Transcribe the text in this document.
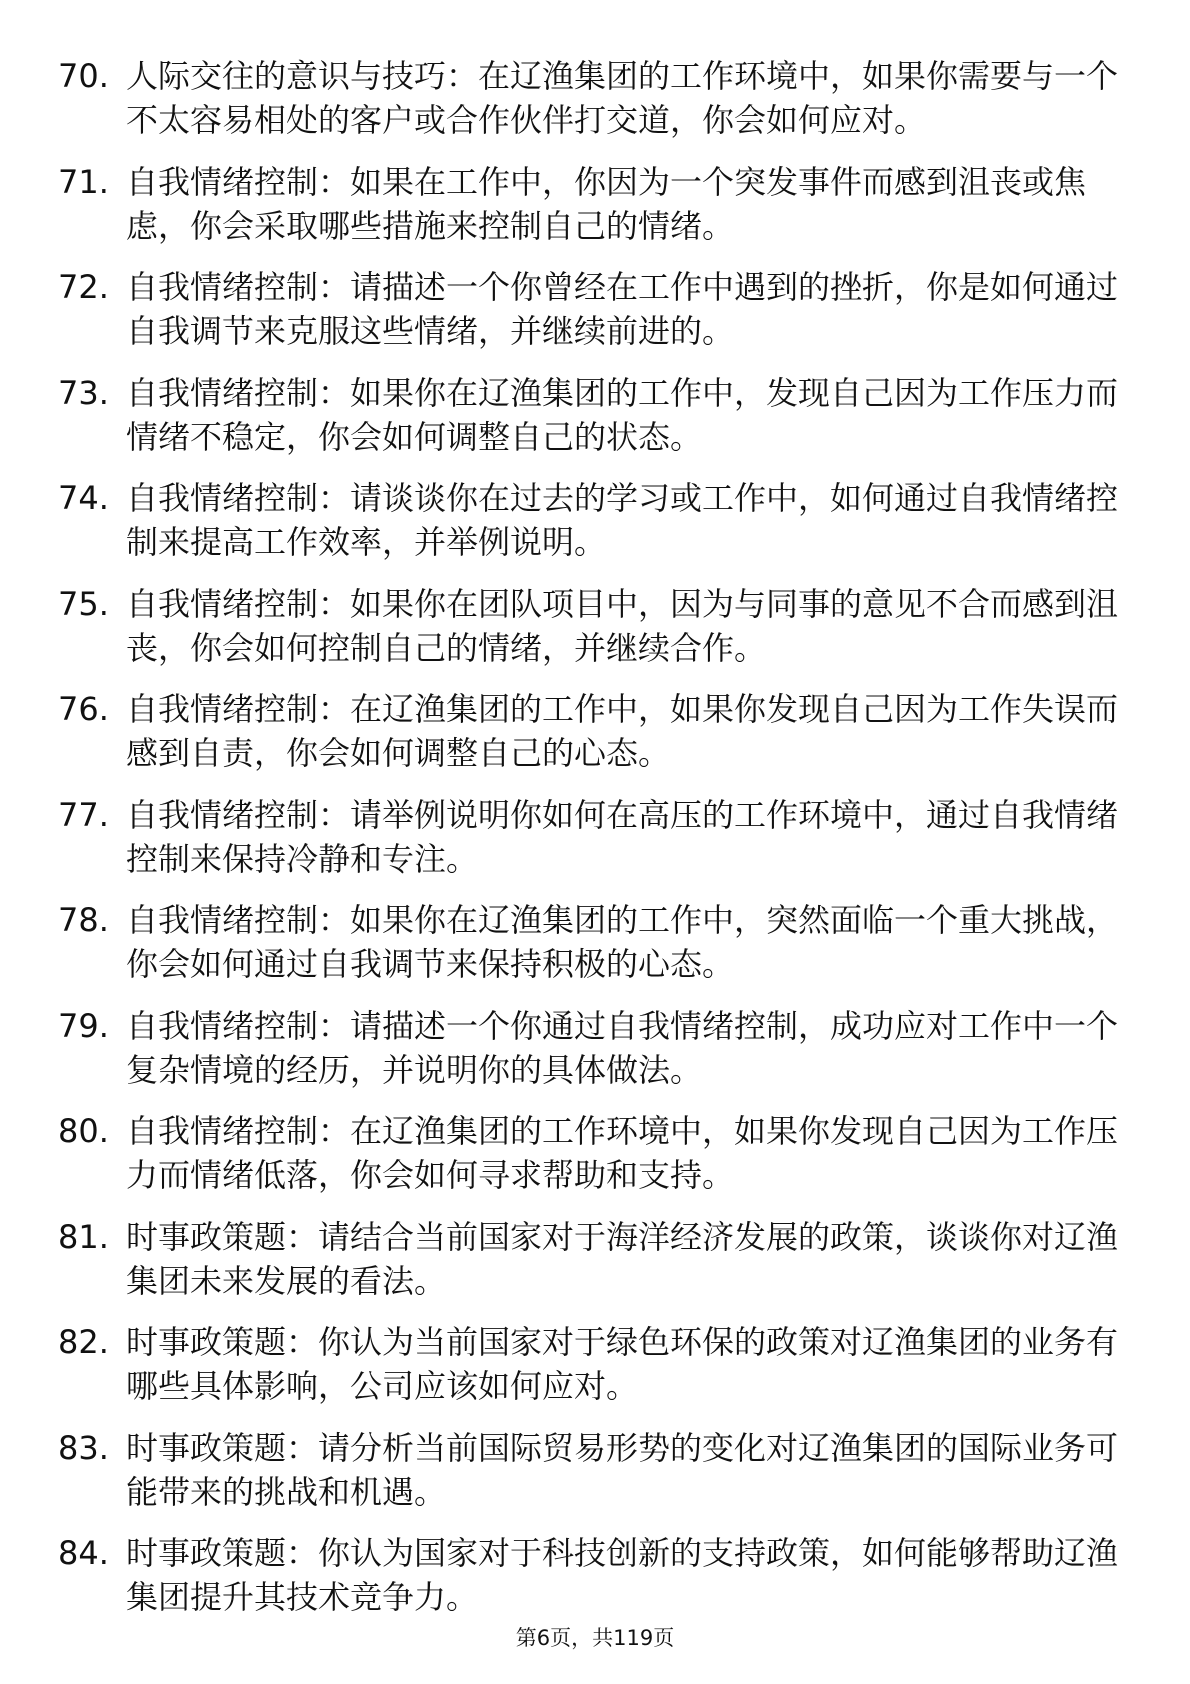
70. 人际交往的意识与技巧：在辽渔集团的工作环境中，如果你需要与一个不太容易相处的客户或合作伙伴打交道，你会如何应对。
71. 自我情绪控制：如果在工作中，你因为一个突发事件而感到沮丧或焦虑，你会采取哪些措施来控制自己的情绪。
72. 自我情绪控制：请描述一个你曾经在工作中遇到的挫折，你是如何通过自我调节来克服这些情绪，并继续前进的。
73. 自我情绪控制：如果你在辽渔集团的工作中，发现自己因为工作压力而情绪不稳定，你会如何调整自己的状态。
74. 自我情绪控制：请谈谈你在过去的学习或工作中，如何通过自我情绪控制来提高工作效率，并举例说明。
75. 自我情绪控制：如果你在团队项目中，因为与同事的意见不合而感到沮丧，你会如何控制自己的情绪，并继续合作。
76. 自我情绪控制：在辽渔集团的工作中，如果你发现自己因为工作失误而感到自责，你会如何调整自己的心态。
77. 自我情绪控制：请举例说明你如何在高压的工作环境中，通过自我情绪控制来保持冷静和专注。
78. 自我情绪控制：如果你在辽渔集团的工作中，突然面临一个重大挑战，你会如何通过自我调节来保持积极的心态。
79. 自我情绪控制：请描述一个你通过自我情绪控制，成功应对工作中一个复杂情境的经历，并说明你的具体做法。
80. 自我情绪控制：在辽渔集团的工作环境中，如果你发现自己因为工作压力而情绪低落，你会如何寻求帮助和支持。
81. 时事政策题：请结合当前国家对于海洋经济发展的政策，谈谈你对辽渔集团未来发展的看法。
82. 时事政策题：你认为当前国家对于绿色环保的政策对辽渔集团的业务有哪些具体影响，公司应该如何应对。
83. 时事政策题：请分析当前国际贸易形势的变化对辽渔集团的国际业务可能带来的挑战和机遇。
84. 时事政策题：你认为国家对于科技创新的支持政策，如何能够帮助辽渔集团提升其技术竞争力。
第6页，共119页
